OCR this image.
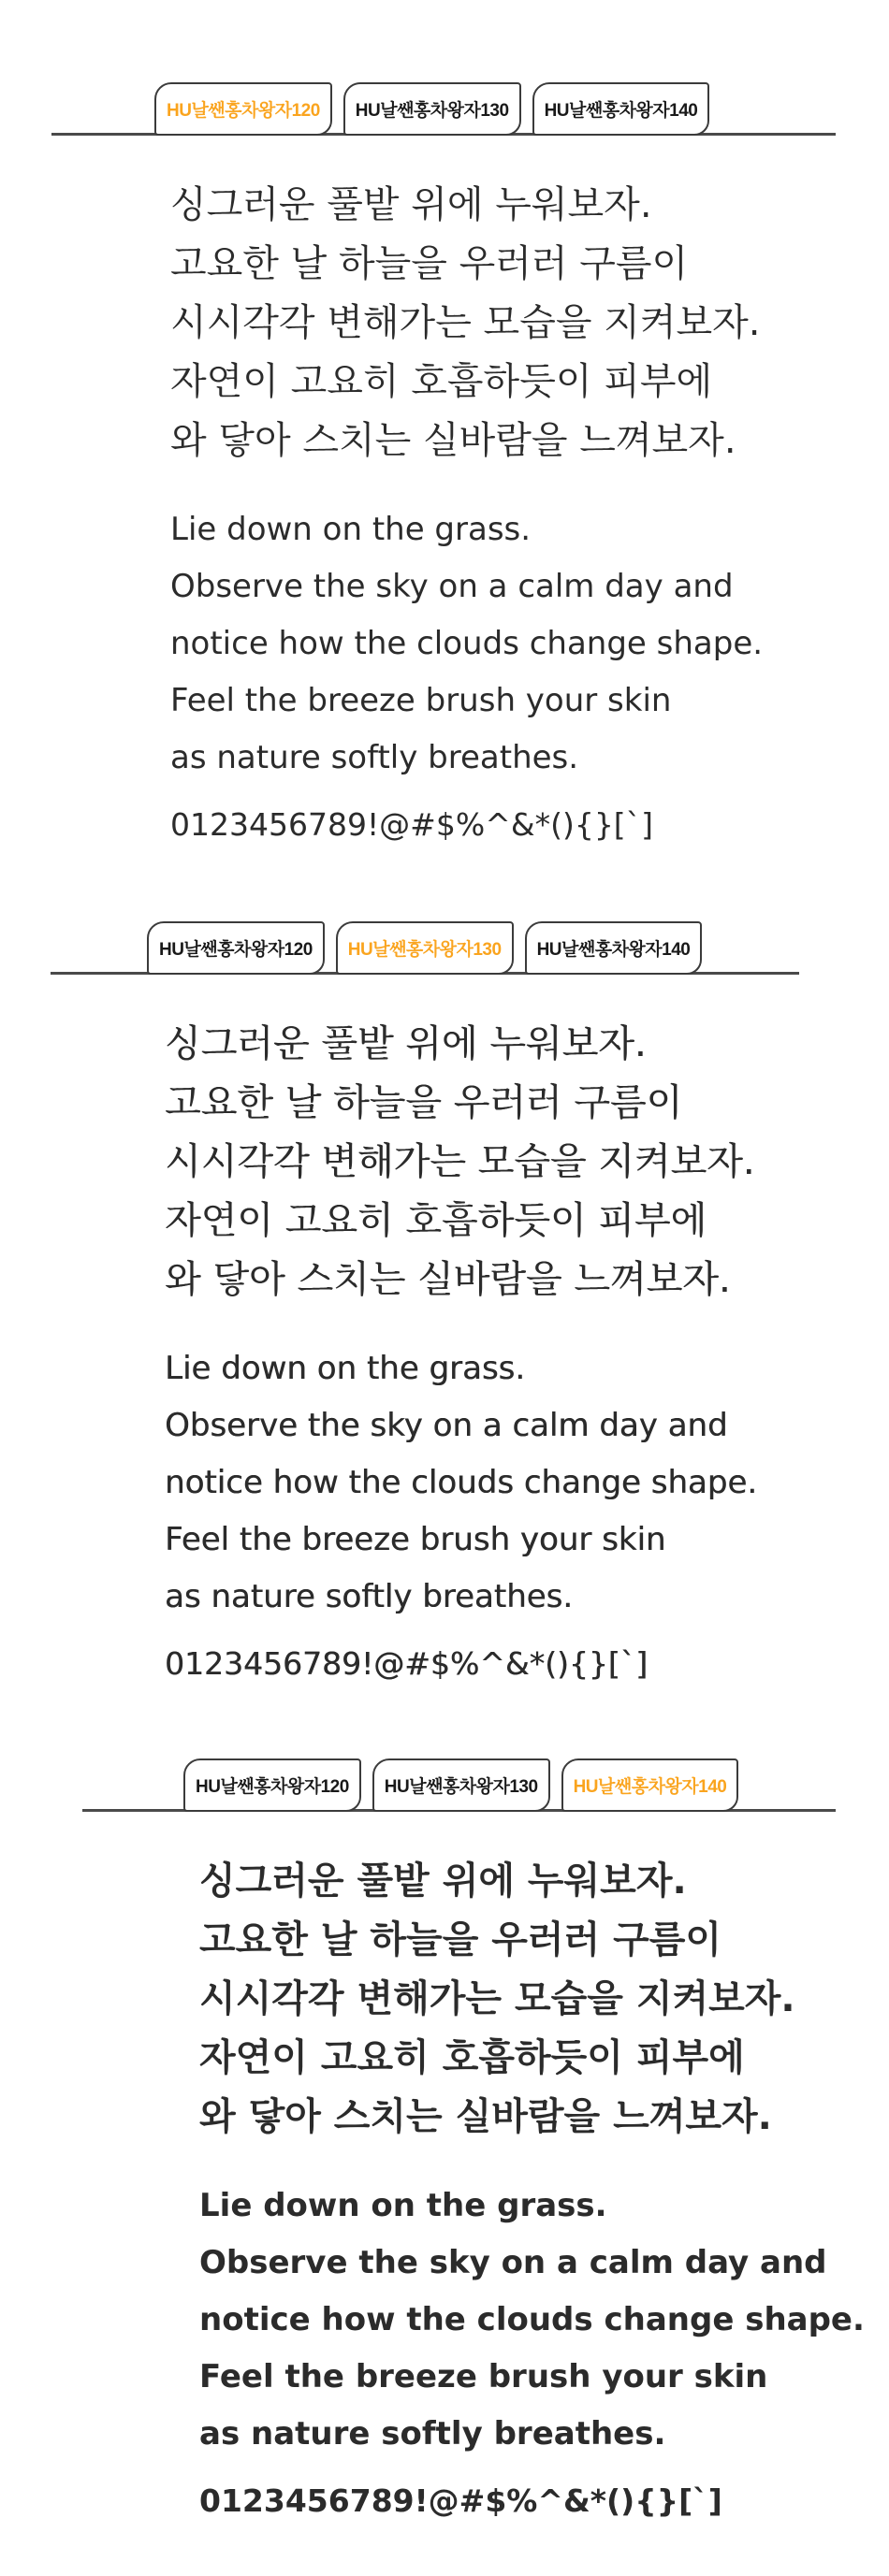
HU날쌘홍차왕자120	HU날쌘홍차왕자130	HU날쌘홍차왕자140

싱그러운 풀밭 위에 누워보자.

고요한 날 하늘을 우러러 구름이

시시각각 변해가는 모습을 지켜보자.

자연이 고요히 호흡하듯이 피부에

와 닿아 스치는 실바람을 느껴보자.

Lie down on the grass.

Observe the sky on a calm day and

notice how the clouds change shape.

Feel the breeze brush your skin

as nature softly breathes.

0123456789!@#$%^&*(){}[`]
HU날쌘홍차왕자120	HU날쌘홍차왕자130	HU날쌘홍차왕자140

싱그러운 풀밭 위에 누워보자.

고요한 날 하늘을 우러러 구름이

시시각각 변해가는 모습을 지켜보자.

자연이 고요히 호흡하듯이 피부에

와 닿아 스치는 실바람을 느껴보자.

Lie down on the grass.

Observe the sky on a calm day and

notice how the clouds change shape.

Feel the breeze brush your skin

as nature softly breathes.

0123456789!@#$%^&*(){}[`]
HU날쌘홍차왕자120	HU날쌘홍차왕자130	HU날쌘홍차왕자140

싱그러운 풀밭 위에 누워보자.

고요한 날 하늘을 우러러 구름이

시시각각 변해가는 모습을 지켜보자.

자연이 고요히 호흡하듯이 피부에

와 닿아 스치는 실바람을 느껴보자.

Lie down on the grass.

Observe the sky on a calm day and

notice how the clouds change shape.

Feel the breeze brush your skin

as nature softly breathes.

0123456789!@#$%^&*(){}[`]
